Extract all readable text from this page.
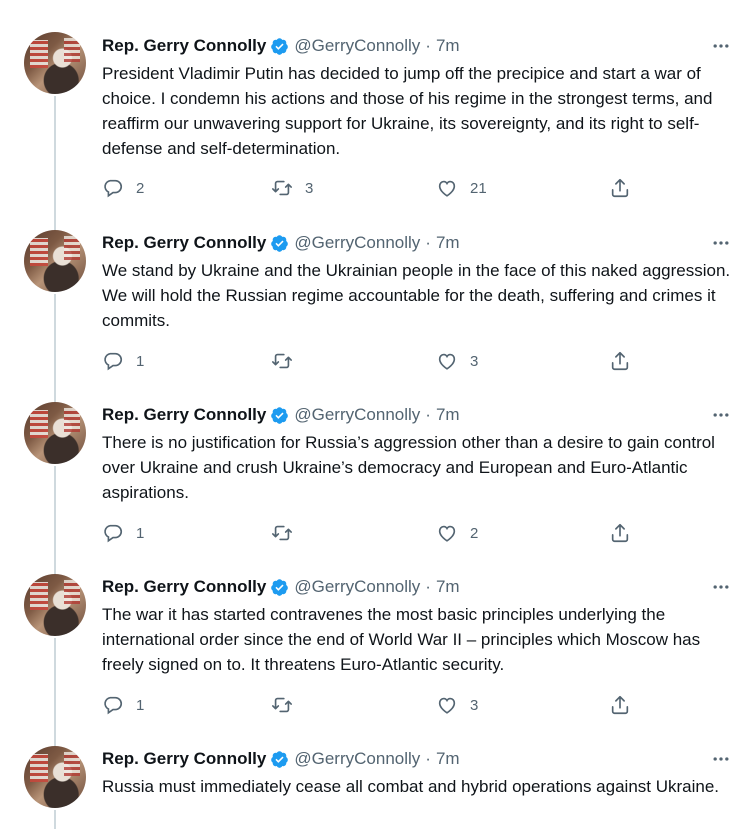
Rep. Gerry Connolly @GerryConnolly · 7m

President Vladimir Putin has decided to jump off the precipice and start a war of choice. I condemn his actions and those of his regime in the strongest terms, and reaffirm our unwavering support for Ukraine, its sovereignty, and its right to self-defense and self-determination.

2	3	21
Rep. Gerry Connolly @GerryConnolly · 7m

We stand by Ukraine and the Ukrainian people in the face of this naked aggression. We will hold the Russian regime accountable for the death, suffering and crimes it commits.

1	3
Rep. Gerry Connolly @GerryConnolly · 7m

There is no justification for Russia’s aggression other than a desire to gain control over Ukraine and crush Ukraine’s democracy and European and Euro-Atlantic aspirations.

1	2
Rep. Gerry Connolly @GerryConnolly · 7m

The war it has started contravenes the most basic principles underlying the international order since the end of World War II – principles which Moscow has freely signed on to. It threatens Euro-Atlantic security.

1	3
Rep. Gerry Connolly @GerryConnolly · 7m

Russia must immediately cease all combat and hybrid operations against Ukraine.
